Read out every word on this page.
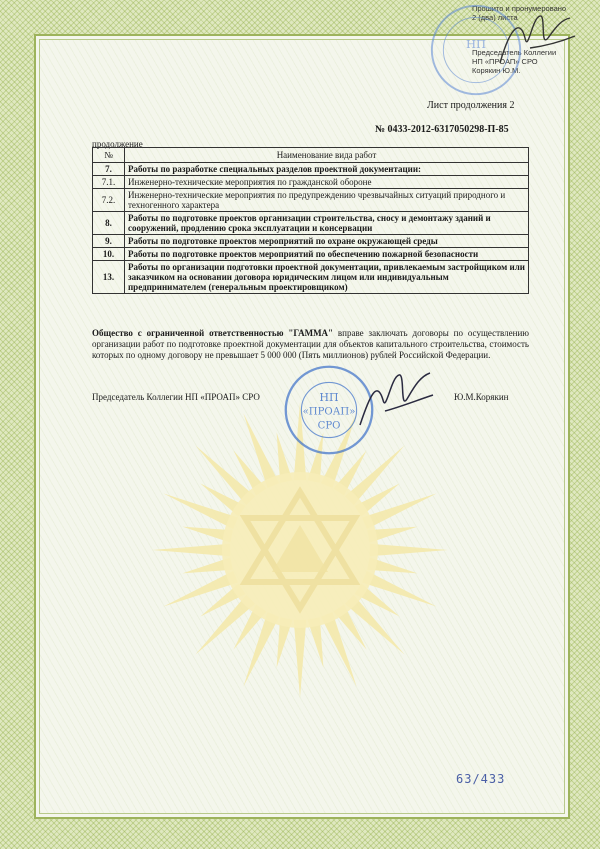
Прошито и пронумеровано
2 (два) листа
Председатель Коллегии
НП «ПРОАП» СРО
Корякин Ю.М.
НП
Лист продолжения 2
№ 0433-2012-6317050298-П-85
продолжение
№	Наименование вида работ
7.	Работы по разработке специальных разделов проектной документации:
7.1.	Инженерно-технические мероприятия по гражданской обороне
7.2.	Инженерно-технические мероприятия по предупреждению чрезвычайных ситуаций природного и техногенного характера
8.	Работы по подготовке проектов организации строительства, сносу и демонтажу зданий и сооружений, продлению срока эксплуатации и консервации
9.	Работы по подготовке проектов мероприятий по охране окружающей среды
10.	Работы по подготовке проектов мероприятий по обеспечению пожарной безопасности
13.	Работы по организации подготовки проектной документации, привлекаемым застройщиком или заказчиком на основании договора юридическим лицом или индивидуальным предпринимателем (генеральным проектировщиком)
Общество с ограниченной ответственностью "ГАММА" вправе заключать договоры по осуществлению организации работ по подготовке проектной документации для объектов капитального строительства, стоимость которых по одному договору не превышает 5 000 000 (Пять миллионов) рублей Российской Федерации.
Председатель Коллегии НП «ПРОАП» СРО	Ю.М.Корякин
НП
«ПРОАП»
СРО
63/433
